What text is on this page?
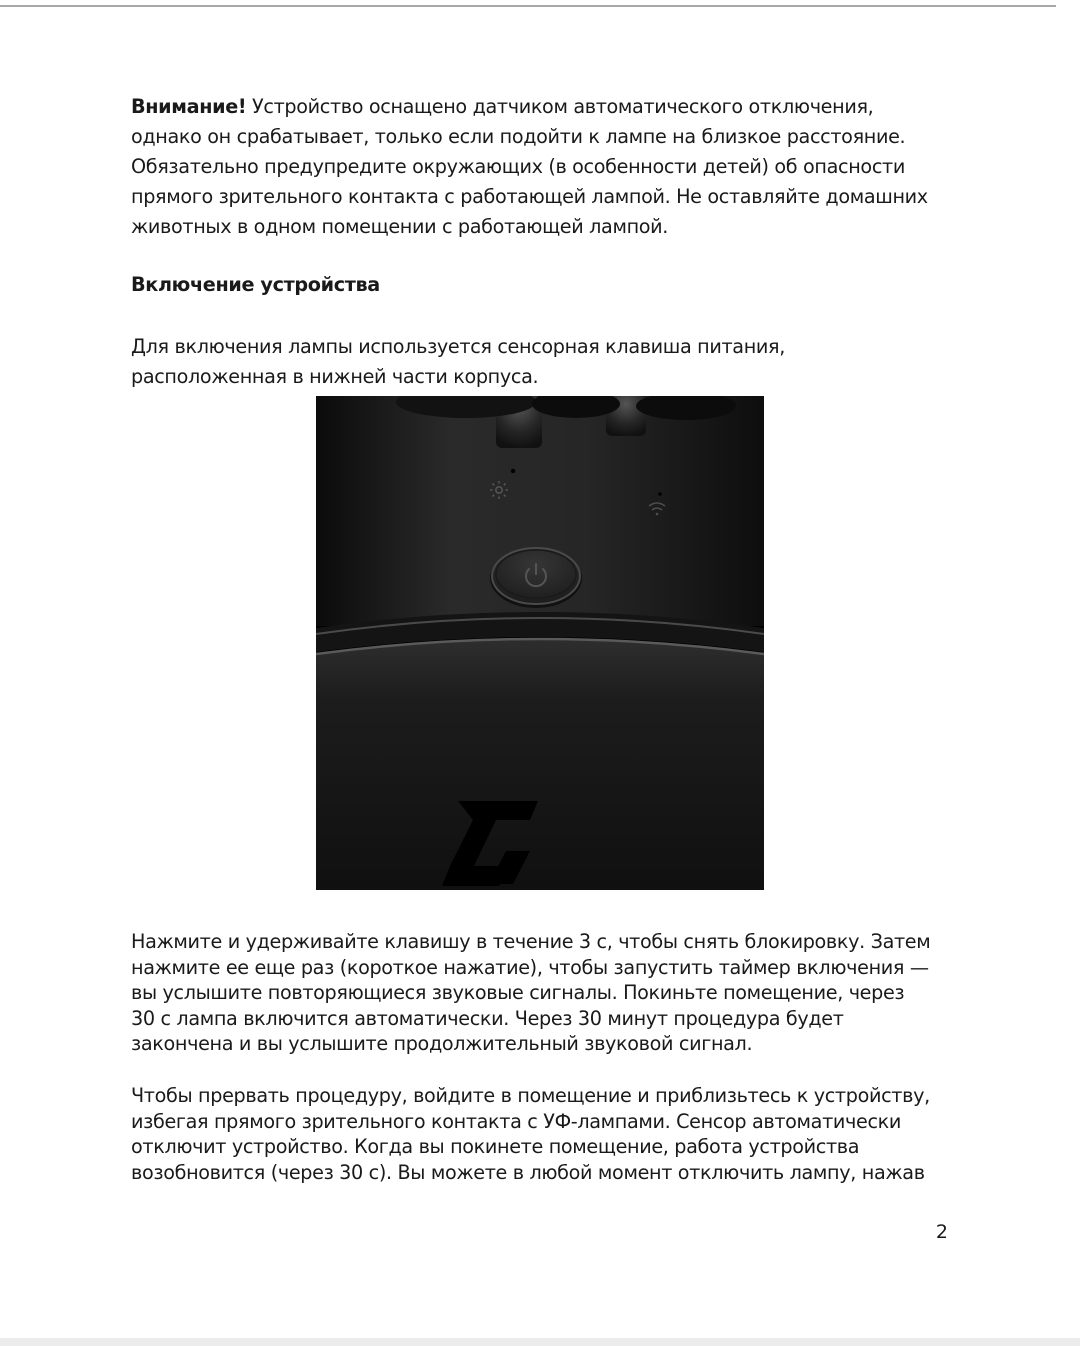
Внимание! Устройство оснащено датчиком автоматического отключения,
однако он срабатывает, только если подойти к лампе на близкое расстояние.
Обязательно предупредите окружающих (в особенности детей) об опасности
прямого зрительного контакта с работающей лампой. Не оставляйте домашних
животных в одном помещении с работающей лампой.

Включение устройства

Для включения лампы используется сенсорная клавиша питания,
расположенная в нижней части корпуса.

Нажмите и удерживайте клавишу в течение 3 с, чтобы снять блокировку. Затем
нажмите ее еще раз (короткое нажатие), чтобы запустить таймер включения —
вы услышите повторяющиеся звуковые сигналы. Покиньте помещение, через
30 с лампа включится автоматически. Через 30 минут процедура будет
закончена и вы услышите продолжительный звуковой сигнал.

Чтобы прервать процедуру, войдите в помещение и приблизьтесь к устройству,
избегая прямого зрительного контакта с УФ-лампами. Сенсор автоматически
отключит устройство. Когда вы покинете помещение, работа устройства
возобновится (через 30 с). Вы можете в любой момент отключить лампу, нажав

2
